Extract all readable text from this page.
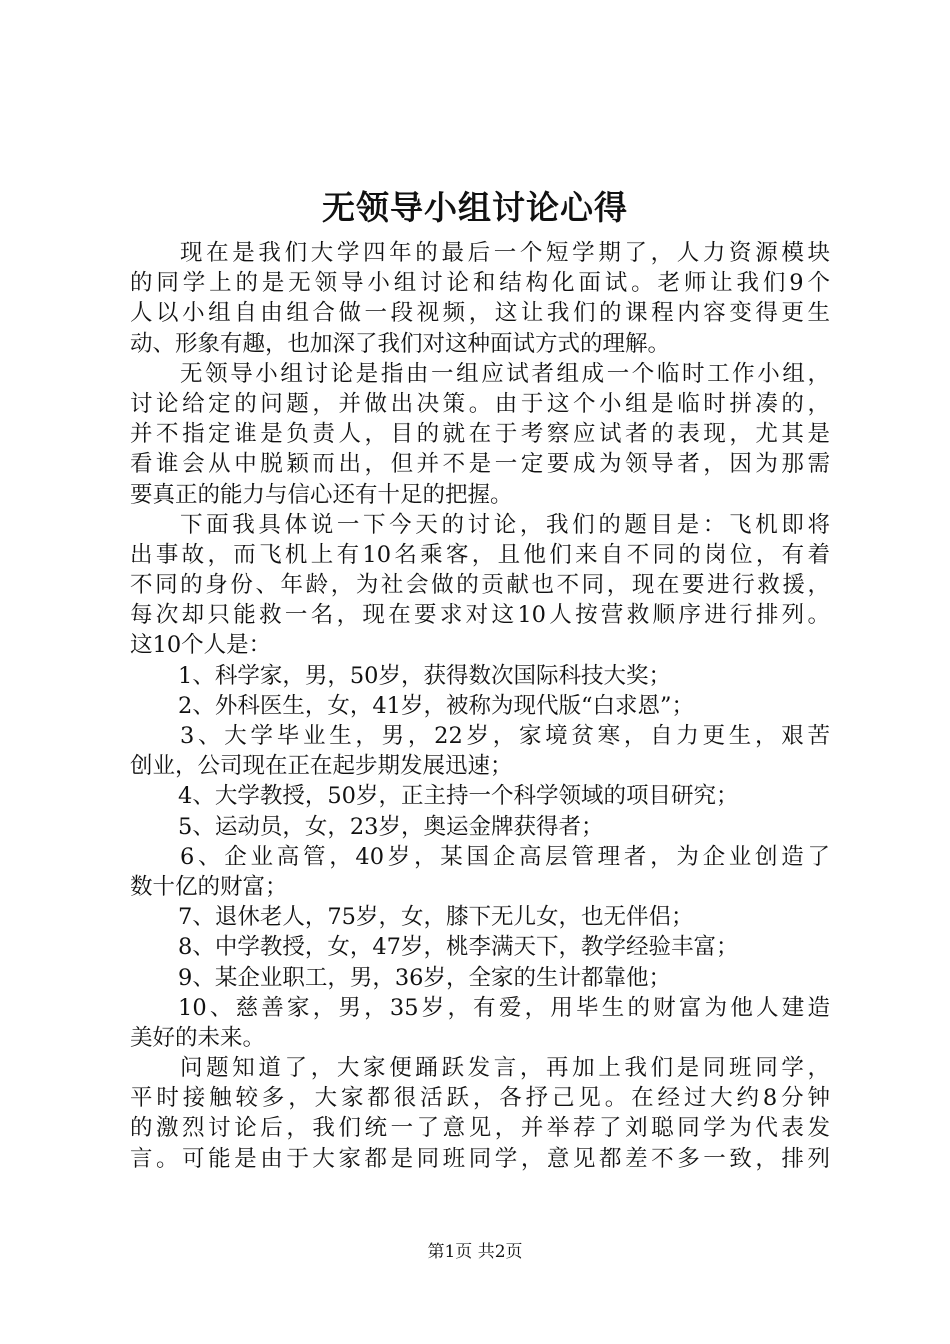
无领导小组讨论心得
现在是我们大学四年的最后一个短学期了，人力资源模块
的同学上的是无领导小组讨论和结构化面试。老师让我们9个
人以小组自由组合做一段视频，这让我们的课程内容变得更生
动、形象有趣，也加深了我们对这种面试方式的理解。
无领导小组讨论是指由一组应试者组成一个临时工作小组，
讨论给定的问题，并做出决策。由于这个小组是临时拼凑的，
并不指定谁是负责人，目的就在于考察应试者的表现，尤其是
看谁会从中脱颖而出，但并不是一定要成为领导者，因为那需
要真正的能力与信心还有十足的把握。
下面我具体说一下今天的讨论，我们的题目是：飞机即将
出事故，而飞机上有10名乘客，且他们来自不同的岗位，有着
不同的身份、年龄，为社会做的贡献也不同，现在要进行救援，
每次却只能救一名，现在要求对这10人按营救顺序进行排列。
这10个人是：
1、科学家，男，50岁，获得数次国际科技大奖；
2、外科医生，女，41岁，被称为现代版“白求恩”；
3、大学毕业生，男，22岁，家境贫寒，自力更生，艰苦
创业，公司现在正在起步期发展迅速；
4、大学教授，50岁，正主持一个科学领域的项目研究；
5、运动员，女，23岁，奥运金牌获得者；
6、企业高管，40岁，某国企高层管理者，为企业创造了
数十亿的财富；
7、退休老人，75岁，女，膝下无儿女，也无伴侣；
8、中学教授，女，47岁，桃李满天下，教学经验丰富；
9、某企业职工，男，36岁，全家的生计都靠他；
10、慈善家，男，35岁，有爱，用毕生的财富为他人建造
美好的未来。
问题知道了，大家便踊跃发言，再加上我们是同班同学，
平时接触较多，大家都很活跃，各抒己见。在经过大约8分钟
的激烈讨论后，我们统一了意见，并举荐了刘聪同学为代表发
言。可能是由于大家都是同班同学，意见都差不多一致，排列
第1页 共2页
